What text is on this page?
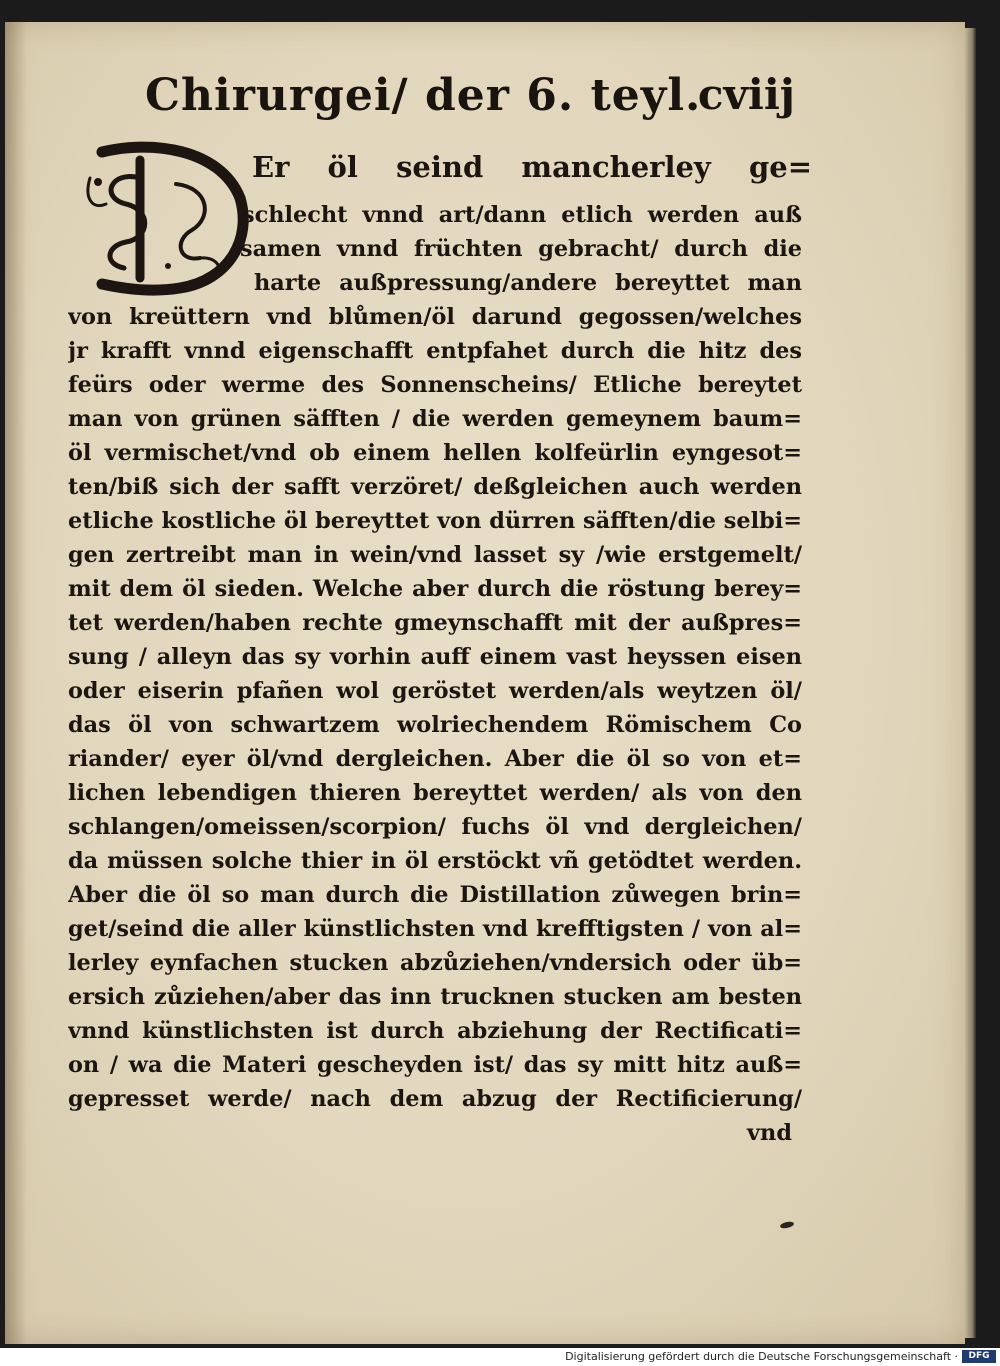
Chirurgei/ der 6. teyl.
cviij
Er öl seind mancherley ge=
schlecht vnnd art/dann etlich werden auß
samen vnnd früchten gebracht/ durch die
harte außpressung/andere bereyttet man
von kreüttern vnd blůmen/öl darund gegossen/welches
jr krafft vnnd eigenschafft entpfahet durch die hitz des
feürs oder werme des Sonnenscheins/ Etliche bereytet
man von grünen säfften / die werden gemeynem baum=
öl vermischet/vnd ob einem hellen kolfeürlin eyngesot=
ten/biß sich der safft verzöret/ deßgleichen auch werden
etliche kostliche öl bereyttet von dürren säfften/die selbi=
gen zertreibt man in wein/vnd lasset sy /wie erstgemelt/
mit dem öl sieden. Welche aber durch die röstung berey=
tet werden/haben rechte gmeynschafft mit der außpres=
sung / alleyn das sy vorhin auff einem vast heyssen eisen
oder eiserin pfañen wol geröstet werden/als weytzen öl/
das öl von schwartzem wolriechendem Römischem Co
riander/ eyer öl/vnd dergleichen. Aber die öl so von et=
lichen lebendigen thieren bereyttet werden/ als von den
schlangen/omeissen/scorpion/ fuchs öl vnd dergleichen/
da müssen solche thier in öl erstöckt vñ getödtet werden.
Aber die öl so man durch die Distillation zůwegen brin=
get/seind die aller künstlichsten vnd krefftigsten / von al=
lerley eynfachen stucken abzůziehen/vndersich oder üb=
ersich zůziehen/aber das inn trucknen stucken am besten
vnnd künstlichsten ist durch abziehung der Rectificati=
on / wa die Materi gescheyden ist/ das sy mitt hitz auß=
gepresset werde/ nach dem abzug der Rectificierung/
vnd
Digitalisierung gefördert durch die Deutsche Forschungsgemeinschaft ·	DFG
